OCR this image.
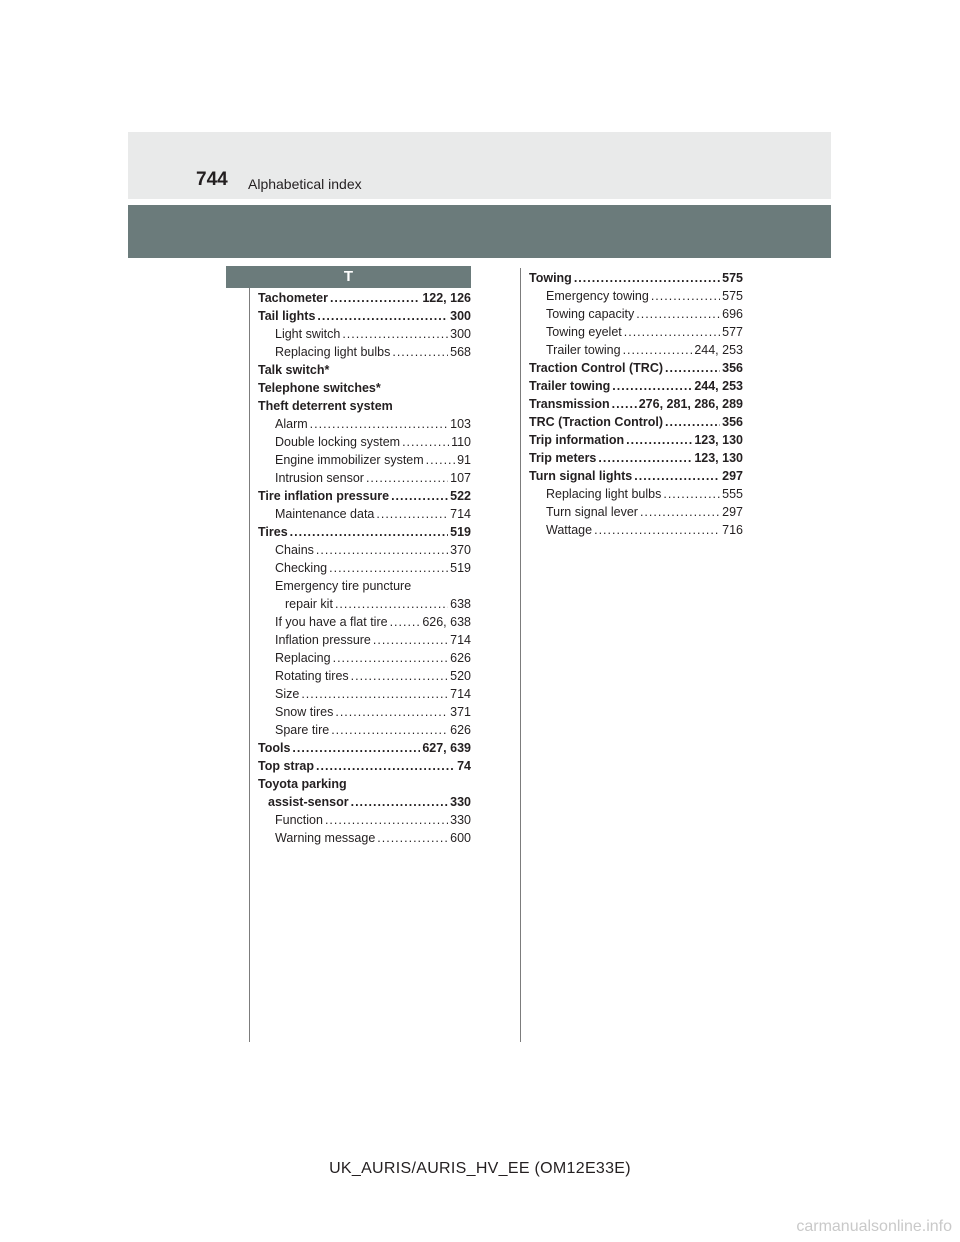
744 Alphabetical index
T
Tachometer .....	122, 126
Tail lights .....	300
Light switch .....	300
Replacing light bulbs .....	568
Talk switch*
Telephone switches*
Theft deterrent system
Alarm .....	103
Double locking system .....	110
Engine immobilizer system .....	91
Intrusion sensor .....	107
Tire inflation pressure .....	522
Maintenance data .....	714
Tires .....	519
Chains .....	370
Checking .....	519
Emergency tire puncture
repair kit .....	638
If you have a flat tire .....	626, 638
Inflation pressure .....	714
Replacing .....	626
Rotating tires .....	520
Size .....	714
Snow tires .....	371
Spare tire .....	626
Tools .....	627, 639
Top strap .....	74
Toyota parking
assist-sensor .....	330
Function .....	330
Warning message .....	600
Towing .....	575
Emergency towing .....	575
Towing capacity .....	696
Towing eyelet .....	577
Trailer towing .....	244, 253
Traction Control (TRC) .....	356
Trailer towing .....	244, 253
Transmission ..... 276, 281, 286, 289
TRC (Traction Control) .....	356
Trip information .....	123, 130
Trip meters .....	123, 130
Turn signal lights .....	297
Replacing light bulbs .....	555
Turn signal lever .....	297
Wattage .....	716
UK_AURIS/AURIS_HV_EE (OM12E33E)
carmanualsonline.info
